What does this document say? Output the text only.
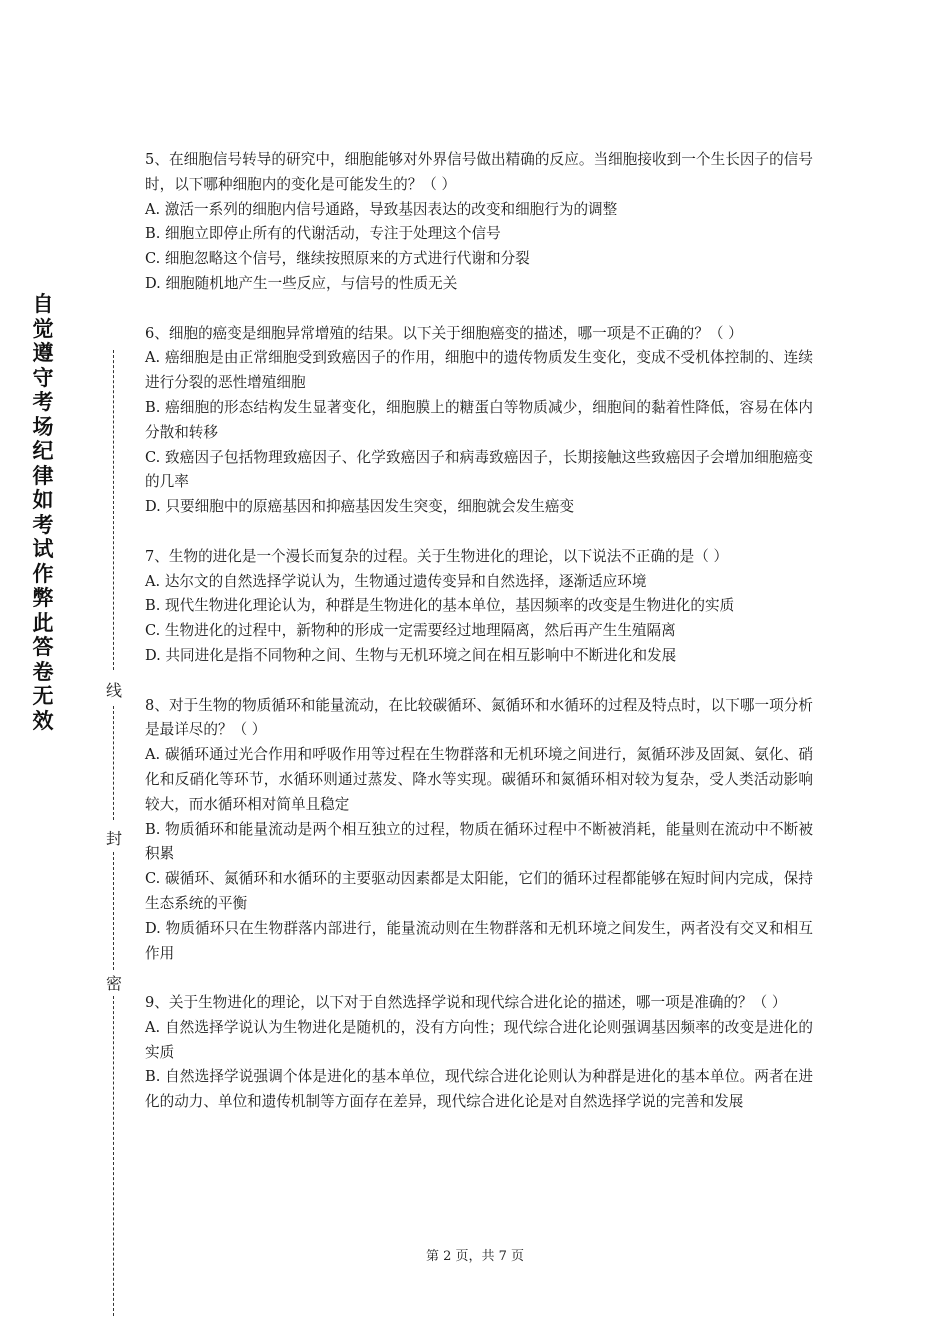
自觉遵守考场纪律如考试作弊此答卷无效
线
封
密

5、在细胞信号转导的研究中，细胞能够对外界信号做出精确的反应。当细胞接收到一个生长因子的信号时，以下哪种细胞内的变化是可能发生的？（ ）

A. 激活一系列的细胞内信号通路，导致基因表达的改变和细胞行为的调整

B. 细胞立即停止所有的代谢活动，专注于处理这个信号

C. 细胞忽略这个信号，继续按照原来的方式进行代谢和分裂

D. 细胞随机地产生一些反应，与信号的性质无关

6、细胞的癌变是细胞异常增殖的结果。以下关于细胞癌变的描述，哪一项是不正确的？（ ）

A. 癌细胞是由正常细胞受到致癌因子的作用，细胞中的遗传物质发生变化，变成不受机体控制的、连续进行分裂的恶性增殖细胞

B. 癌细胞的形态结构发生显著变化，细胞膜上的糖蛋白等物质减少，细胞间的黏着性降低，容易在体内分散和转移

C. 致癌因子包括物理致癌因子、化学致癌因子和病毒致癌因子，长期接触这些致癌因子会增加细胞癌变的几率

D. 只要细胞中的原癌基因和抑癌基因发生突变，细胞就会发生癌变

7、生物的进化是一个漫长而复杂的过程。关于生物进化的理论，以下说法不正确的是（ ）

A. 达尔文的自然选择学说认为，生物通过遗传变异和自然选择，逐渐适应环境

B. 现代生物进化理论认为，种群是生物进化的基本单位，基因频率的改变是生物进化的实质

C. 生物进化的过程中，新物种的形成一定需要经过地理隔离，然后再产生生殖隔离

D. 共同进化是指不同物种之间、生物与无机环境之间在相互影响中不断进化和发展

8、对于生物的物质循环和能量流动，在比较碳循环、氮循环和水循环的过程及特点时，以下哪一项分析是最详尽的？（ ）

A. 碳循环通过光合作用和呼吸作用等过程在生物群落和无机环境之间进行，氮循环涉及固氮、氨化、硝化和反硝化等环节，水循环则通过蒸发、降水等实现。碳循环和氮循环相对较为复杂，受人类活动影响较大，而水循环相对简单且稳定

B. 物质循环和能量流动是两个相互独立的过程，物质在循环过程中不断被消耗，能量则在流动中不断被积累

C. 碳循环、氮循环和水循环的主要驱动因素都是太阳能，它们的循环过程都能够在短时间内完成，保持生态系统的平衡

D. 物质循环只在生物群落内部进行，能量流动则在生物群落和无机环境之间发生，两者没有交叉和相互作用

9、关于生物进化的理论，以下对于自然选择学说和现代综合进化论的描述，哪一项是准确的？（ ）

A. 自然选择学说认为生物进化是随机的，没有方向性；现代综合进化论则强调基因频率的改变是进化的实质

B. 自然选择学说强调个体是进化的基本单位，现代综合进化论则认为种群是进化的基本单位。两者在进化的动力、单位和遗传机制等方面存在差异，现代综合进化论是对自然选择学说的完善和发展

第 2 页，共 7 页
